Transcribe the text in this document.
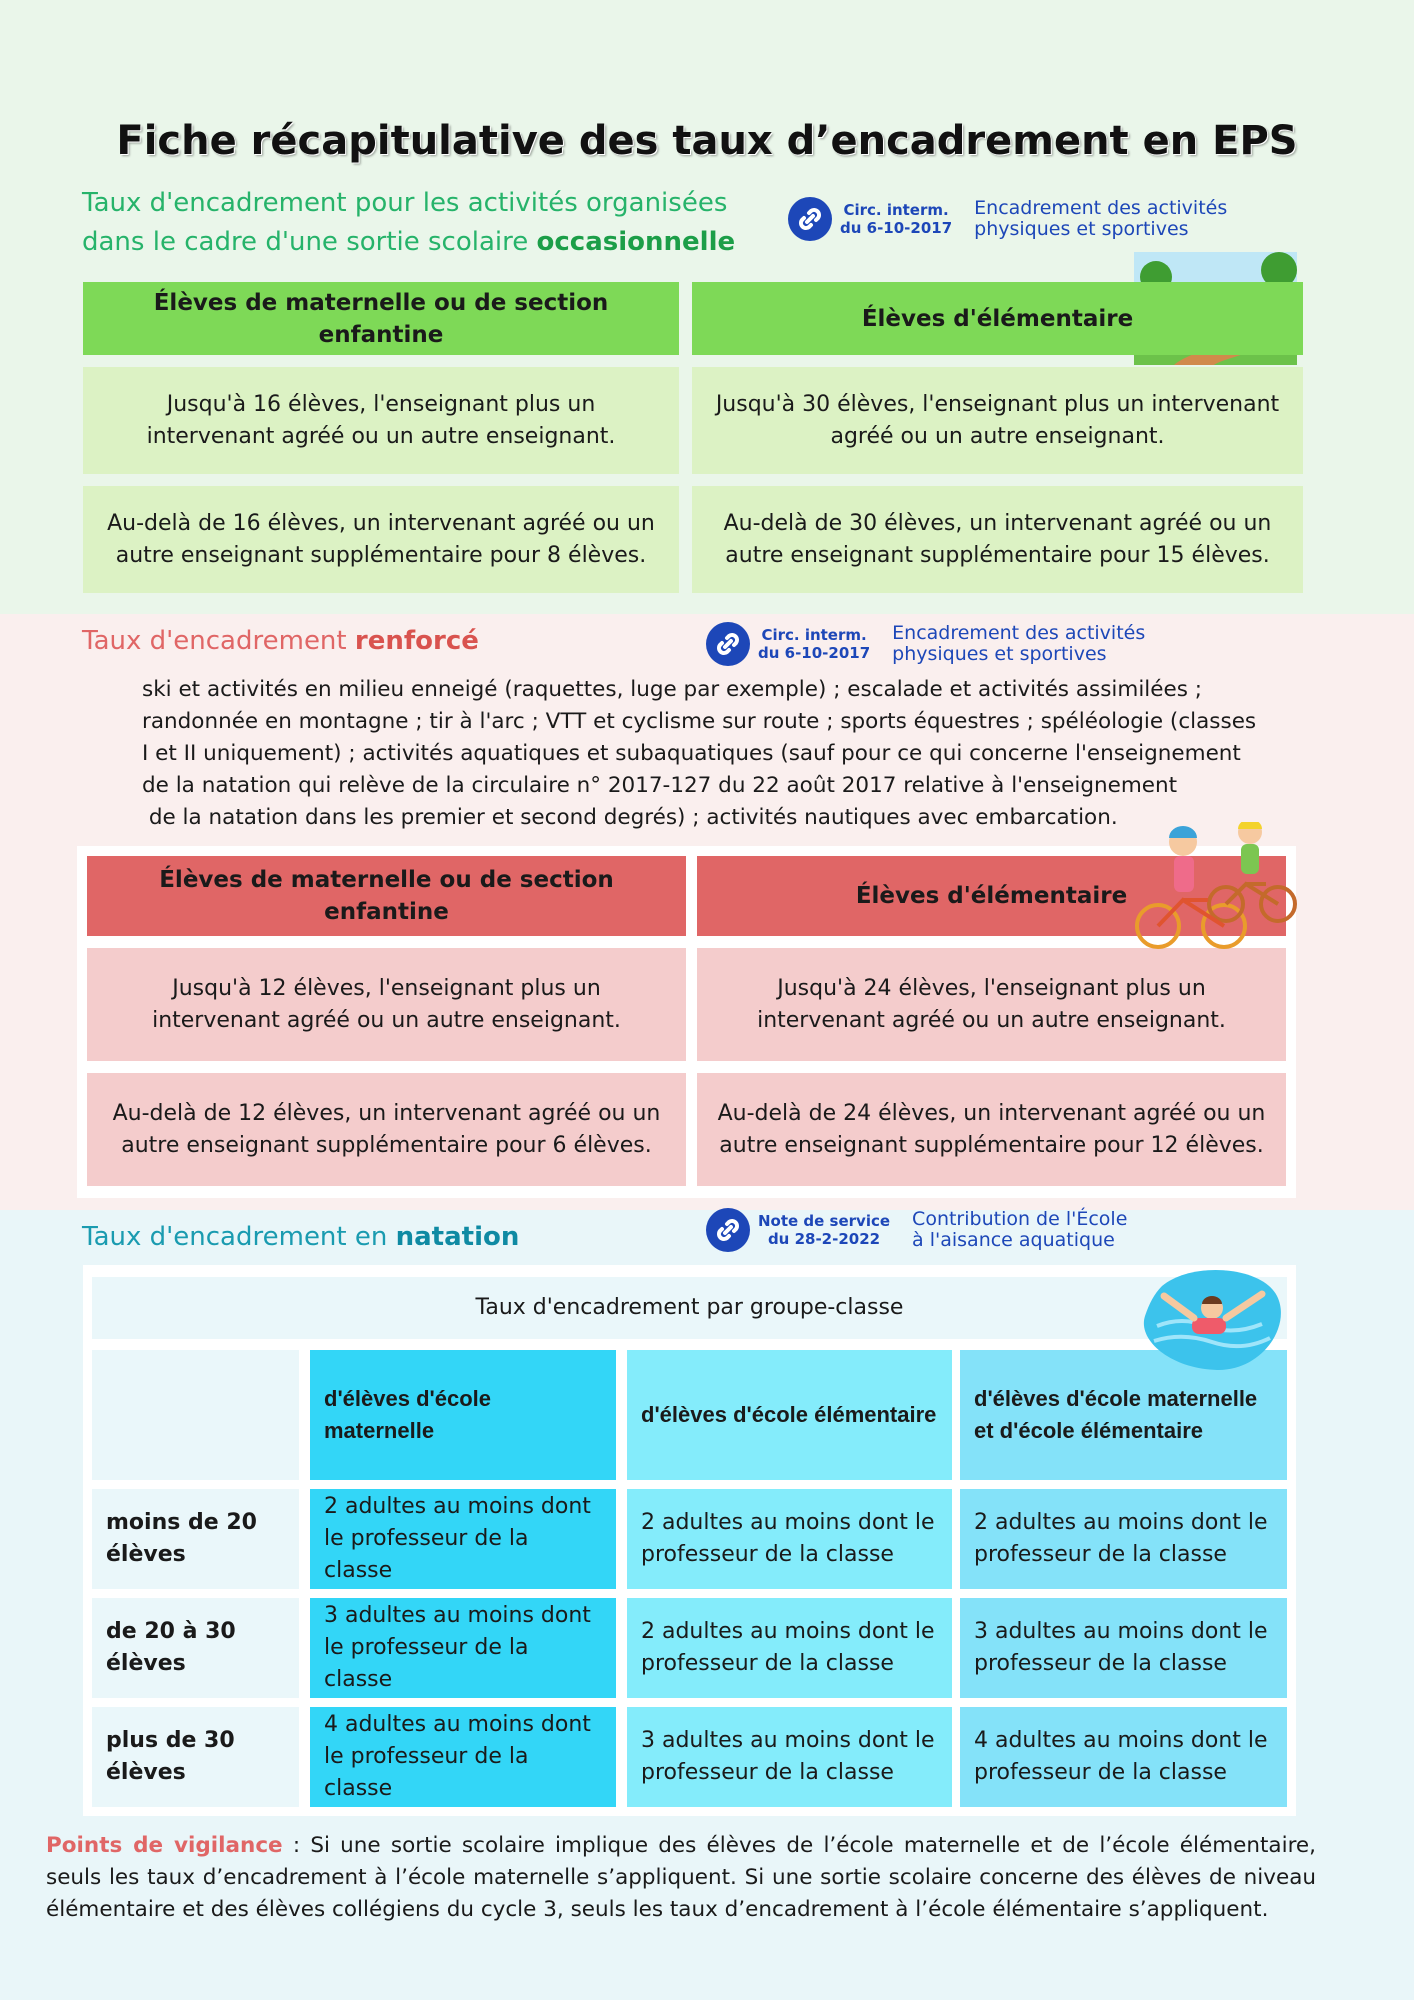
Fiche récapitulative des taux d’encadrement en EPS
Taux d'encadrement pour les activités organisées
dans le cadre d'une sortie scolaire occasionnelle
Circ. interm.
du 6-10-2017
Encadrement des activités
physiques et sportives
Élèves de maternelle ou de section enfantine
Élèves d'élémentaire
Jusqu'à 16 élèves, l'enseignant plus un intervenant agréé ou un autre enseignant.
Jusqu'à 30 élèves, l'enseignant plus un intervenant agréé ou un autre enseignant.
Au-delà de 16 élèves, un intervenant agréé ou un autre enseignant supplémentaire pour 8 élèves.
Au-delà de 30 élèves, un intervenant agréé ou un autre enseignant supplémentaire pour 15 élèves.
Taux d'encadrement renforcé	Circ. interm.
du 6-10-2017
Encadrement des activités
physiques et sportives
ski et activités en milieu enneigé (raquettes, luge par exemple) ; escalade et activités assimilées ;
randonnée en montagne ; tir à l'arc ; VTT et cyclisme sur route ; sports équestres ; spéléologie (classes
I et II uniquement) ; activités aquatiques et subaquatiques (sauf pour ce qui concerne l'enseignement
de la natation qui relève de la circulaire n° 2017-127 du 22 août 2017 relative à l'enseignement
de la natation dans les premier et second degrés) ; activités nautiques avec embarcation.
Élèves de maternelle ou de section enfantine
Élèves d'élémentaire
Jusqu'à 12 élèves, l'enseignant plus un intervenant agréé ou un autre enseignant.
Jusqu'à 24 élèves, l'enseignant plus un intervenant agréé ou un autre enseignant.
Au-delà de 12 élèves, un intervenant agréé ou un autre enseignant supplémentaire pour 6 élèves.
Au-delà de 24 élèves, un intervenant agréé ou un autre enseignant supplémentaire pour 12 élèves.
Taux d'encadrement en natation
Note de service
du 28-2-2022
Contribution de l'École
à l'aisance aquatique
Taux d'encadrement par groupe-classe
d'élèves d'école maternelle
d'élèves d'école élémentaire
d'élèves d'école maternelle et d'école élémentaire
moins de 20 élèves
2 adultes au moins dont le professeur de la classe
2 adultes au moins dont le professeur de la classe
2 adultes au moins dont le professeur de la classe
de 20 à 30 élèves
3 adultes au moins dont le professeur de la classe
2 adultes au moins dont le professeur de la classe
3 adultes au moins dont le professeur de la classe
plus de 30 élèves
4 adultes au moins dont le professeur de la classe
3 adultes au moins dont le professeur de la classe
4 adultes au moins dont le professeur de la classe
Points de vigilance : Si une sortie scolaire implique des élèves de l’école maternelle et de l’école élémentaire, seuls les taux d’encadrement à l’école maternelle s’appliquent. Si une sortie scolaire concerne des élèves de niveau élémentaire et des élèves collégiens du cycle 3, seuls les taux d’encadrement à l’école élémentaire s’appliquent.
